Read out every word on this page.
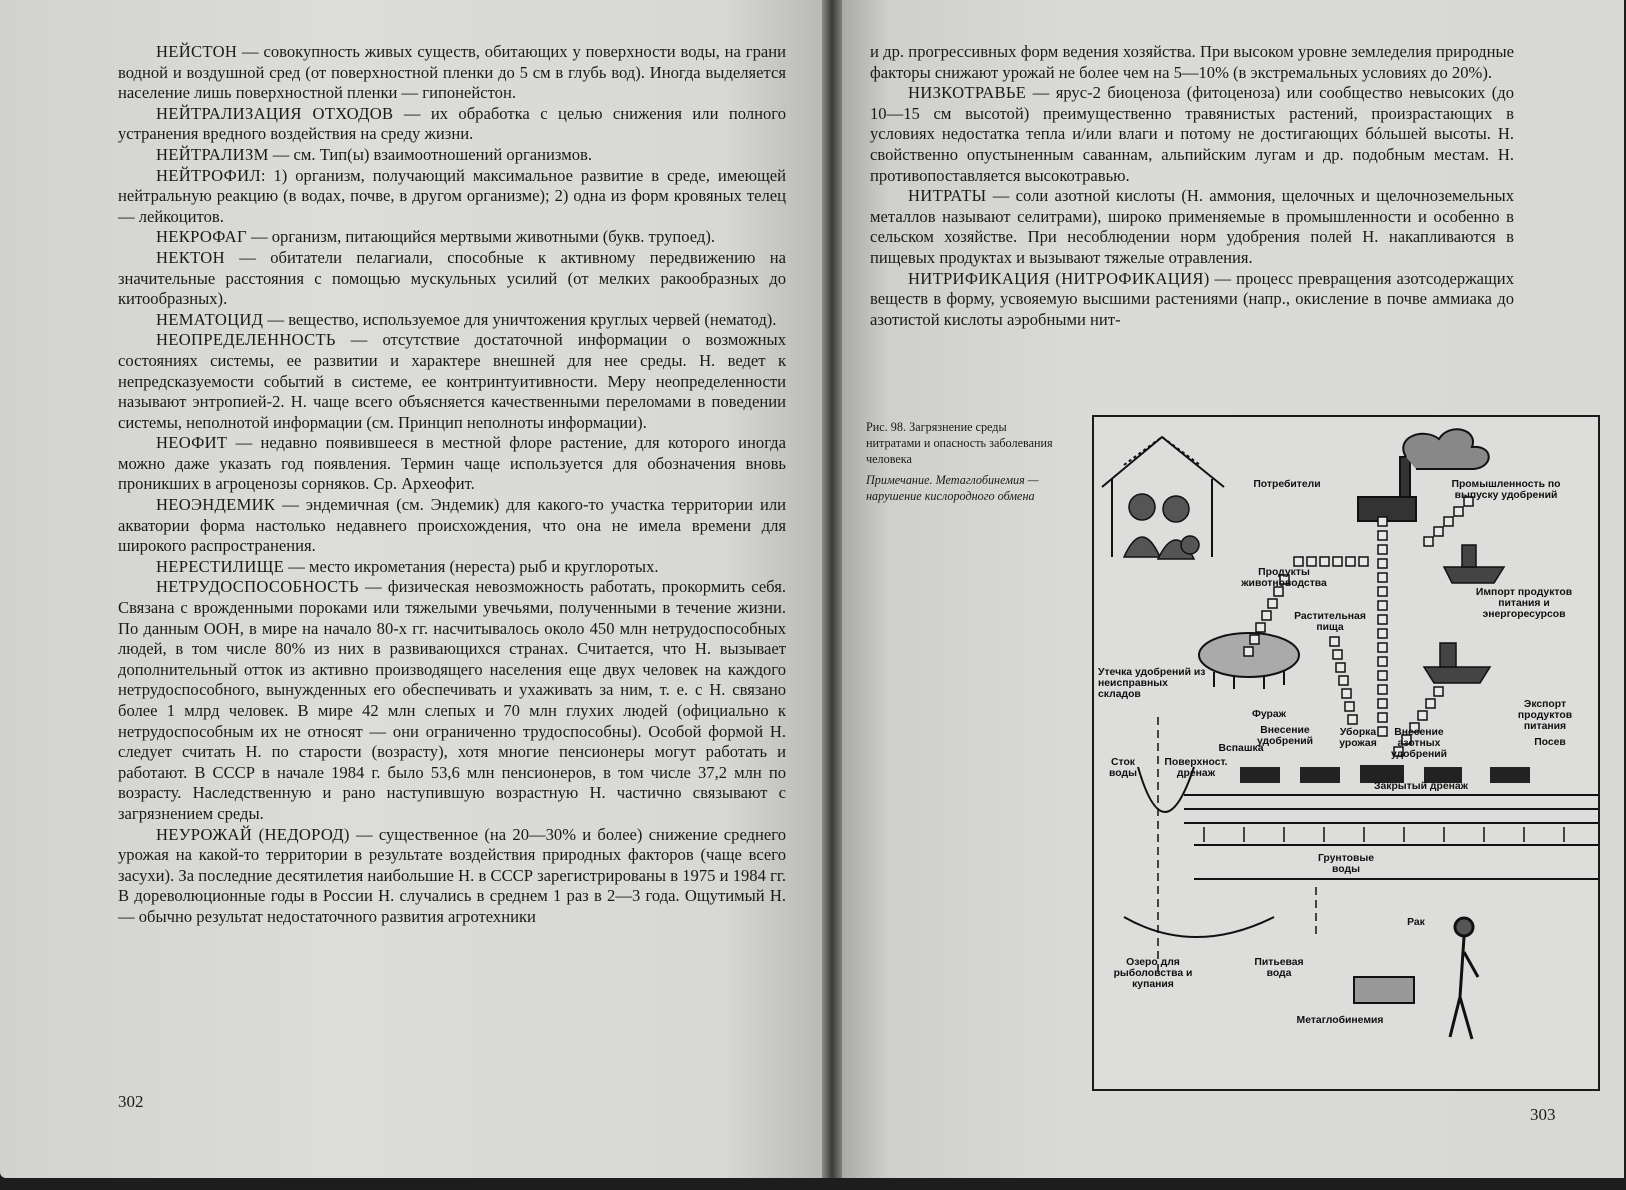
НЕЙСТОН — совокупность живых существ, обитающих у поверхности воды, на грани водной и воздушной сред (от поверхностной пленки до 5 см в глубь вод). Иногда выделяется население лишь поверхностной пленки — гипонейстон.

НЕЙТРАЛИЗАЦИЯ ОТХОДОВ — их обработка с целью снижения или полного устранения вредного воздействия на среду жизни.

НЕЙТРАЛИЗМ — см. Тип(ы) взаимоотношений организмов.

НЕЙТРОФИЛ: 1) организм, получающий максимальное развитие в среде, имеющей нейтральную реакцию (в водах, почве, в другом организме); 2) одна из форм кровяных телец — лейкоцитов.

НЕКРОФАГ — организм, питающийся мертвыми животными (букв. трупоед).

НЕКТОН — обитатели пелагиали, способные к активному передвижению на значительные расстояния с помощью мускульных усилий (от мелких ракообразных до китообразных).

НЕМАТОЦИД — вещество, используемое для уничтожения круглых червей (нематод).

НЕОПРЕДЕЛЕННОСТЬ — отсутствие достаточной информации о возможных состояниях системы, ее развитии и характере внешней для нее среды. Н. ведет к непредсказуемости событий в системе, ее контринтуитивности. Меру неопределенности называют энтропией-2. Н. чаще всего объясняется качественными переломами в поведении системы, неполнотой информации (см. Принцип неполноты информации).

НЕОФИТ — недавно появившееся в местной флоре растение, для которого иногда можно даже указать год появления. Термин чаще используется для обозначения вновь проникших в агроценозы сорняков. Ср. Археофит.

НЕОЭНДЕМИК — эндемичная (см. Эндемик) для какого-то участка территории или акватории форма настолько недавнего происхождения, что она не имела времени для широкого распространения.

НЕРЕСТИЛИЩЕ — место икрометания (нереста) рыб и круглоротых.

НЕТРУДОСПОСОБНОСТЬ — физическая невозможность работать, прокормить себя. Связана с врожденными пороками или тяжелыми увечьями, полученными в течение жизни. По данным ООН, в мире на начало 80-х гг. насчитывалось около 450 млн нетрудоспособных людей, в том числе 80% из них в развивающихся странах. Считается, что Н. вызывает дополнительный отток из активно производящего населения еще двух человек на каждого нетрудоспособного, вынужденных его обеспечивать и ухаживать за ним, т. е. с Н. связано более 1 млрд человек. В мире 42 млн слепых и 70 млн глухих людей (официально к нетрудоспособным их не относят — они ограниченно трудоспособны). Особой формой Н. следует считать Н. по старости (возрасту), хотя многие пенсионеры могут работать и работают. В СССР в начале 1984 г. было 53,6 млн пенсионеров, в том числе 37,2 млн по возрасту. Наследственную и рано наступившую возрастную Н. частично связывают с загрязнением среды.

НЕУРОЖАЙ (НЕДОРОД) — существенное (на 20—30% и более) снижение среднего урожая на какой-то территории в результате воздействия природных факторов (чаще всего засухи). За последние десятилетия наибольшие Н. в СССР зарегистрированы в 1975 и 1984 гг. В дореволюционные годы в России Н. случались в среднем 1 раз в 2—3 года. Ощутимый Н.— обычно результат недостаточного развития агротехники

302

и др. прогрессивных форм ведения хозяйства. При высоком уровне земледелия природные факторы снижают урожай не более чем на 5—10% (в экстремальных условиях до 20%).

НИЗКОТРАВЬЕ — ярус-2 биоценоза (фитоценоза) или сообщество невысоких (до 10—15 см высотой) преимущественно травянистых растений, произрастающих в условиях недостатка тепла и/или влаги и потому не достигающих бóльшей высоты. Н. свойственно опустыненным саваннам, альпийским лугам и др. подобным местам. Н. противопоставляется высокотравью.

НИТРАТЫ — соли азотной кислоты (Н. аммония, щелочных и щелочноземельных металлов называют селитрами), широко применяемые в промышленности и особенно в сельском хозяйстве. При несоблюдении норм удобрения полей Н. накапливаются в пищевых продуктах и вызывают тяжелые отравления.

НИТРИФИКАЦИЯ (НИТРОФИКАЦИЯ) — процесс превращения азотсодержащих веществ в форму, усвояемую высшими растениями (напр., окисление в почве аммиака до азотистой кислоты аэробными нит-

Рис. 98. Загрязнение среды нитратами и опасность заболевания человека
Примечание. Метаглобинемия — нарушение кислородного обмена
Потребители	Промышленность по выпуску удобрений
Продукты животноводства
Импорт продуктов питания и энергоресурсов
Растительная пища
Утечка удобрений из неисправных складов
Фураж
Внесение удобрений
Уборка урожая
Внесение азотных удобрений
Экспорт продуктов питания
Посев
Вспашка
Сток воды
Поверхност. дренаж
Закрытый дренаж
Грунтовые воды
Рак
Озеро для рыболовства и купания
Питьевая вода
Метаглобинемия
303
